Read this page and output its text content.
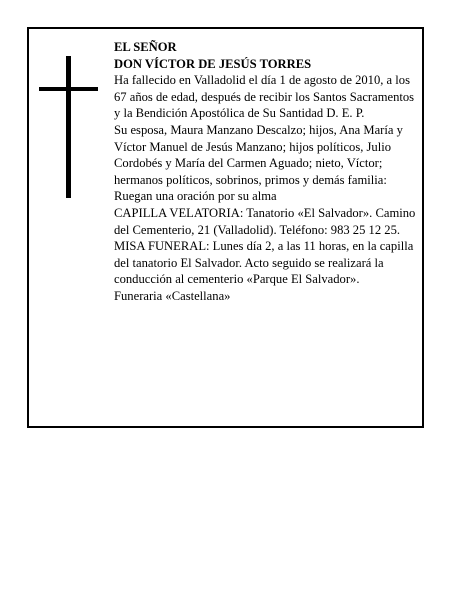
EL SEÑOR
DON VÍCTOR DE JESÚS TORRES
Ha fallecido en Valladolid el día 1 de agosto de 2010, a los 67 años de edad, después de recibir los Santos Sacramentos y la Bendición Apostólica de Su Santidad D. E. P.
Su esposa, Maura Manzano Descalzo; hijos, Ana María y Víctor Manuel de Jesús Manzano; hijos políticos, Julio Cordobés y María del Carmen Aguado; nieto, Víctor; hermanos políticos, sobrinos, primos y demás familia:
Ruegan una oración por su alma
CAPILLA VELATORIA: Tanatorio «El Salvador». Camino del Cementerio, 21 (Valladolid). Teléfono: 983 25 12 25.
MISA FUNERAL: Lunes día 2, a las 11 horas, en la capilla del tanatorio El Salvador. Acto seguido se realizará la conducción al cementerio «Parque El Salvador».
Funeraria «Castellana»
